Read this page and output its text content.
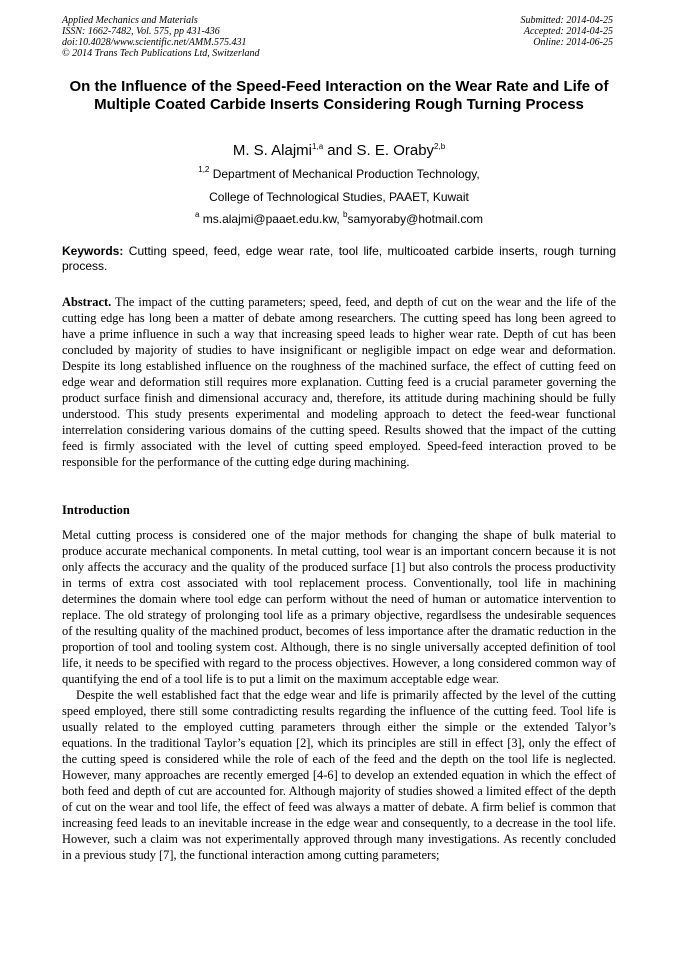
Applied Mechanics and Materials
ISSN: 1662-7482, Vol. 575, pp 431-436
doi:10.4028/www.scientific.net/AMM.575.431
© 2014 Trans Tech Publications Ltd, Switzerland
Submitted: 2014-04-25
Accepted: 2014-04-25
Online: 2014-06-25
On the Influence of the Speed-Feed Interaction on the Wear Rate and Life of Multiple Coated Carbide Inserts Considering Rough Turning Process
M. S. Alajmi$^{1,a}$ and S. E. Oraby$^{2,b}$
$^{1,2}$ Department of Mechanical Production Technology,
College of Technological Studies, PAAET, Kuwait
$^a$ ms.alajmi@paaet.edu.kw, $^b$samyoraby@hotmail.com
Keywords: Cutting speed, feed, edge wear rate, tool life, multicoated carbide inserts, rough turning process.

Abstract. The impact of the cutting parameters; speed, feed, and depth of cut on the wear and the life of the cutting edge has long been a matter of debate among researchers. The cutting speed has long been agreed to have a prime influence in such a way that increasing speed leads to higher wear rate. Depth of cut has been concluded by majority of studies to have insignificant or negligible impact on edge wear and deformation. Despite its long established influence on the roughness of the machined surface, the effect of cutting feed on edge wear and deformation still requires more explanation. Cutting feed is a crucial parameter governing the product surface finish and dimensional accuracy and, therefore, its attitude during machining should be fully understood. This study presents experimental and modeling approach to detect the feed-wear functional interrelation considering various domains of the cutting speed. Results showed that the impact of the cutting feed is firmly associated with the level of cutting speed employed. Speed-feed interaction proved to be responsible for the performance of the cutting edge during machining.

Introduction

Metal cutting process is considered one of the major methods for changing the shape of bulk material to produce accurate mechanical components. In metal cutting, tool wear is an important concern because it is not only affects the accuracy and the quality of the produced surface [1] but also controls the process productivity in terms of extra cost associated with tool replacement process. Conventionally, tool life in machining determines the domain where tool edge can perform without the need of human or automatice intervention to replace. The old strategy of prolonging tool life as a primary objective, regardlsess the undesirable sequences of the resulting quality of the machined product, becomes of less importance after the dramatic reduction in the proportion of tool and tooling system cost. Although, there is no single universally accepted definition of tool life, it needs to be specified with regard to the process objectives. However, a long considered common way of quantifying the end of a tool life is to put a limit on the maximum acceptable edge wear.

Despite the well established fact that the edge wear and life is primarily affected by the level of the cutting speed employed, there still some contradicting results regarding the influence of the cutting feed. Tool life is usually related to the employed cutting parameters through either the simple or the extended Talyor’s equations. In the traditional Taylor’s equation [2], which its principles are still in effect [3], only the effect of the cutting speed is considered while the role of each of the feed and the depth on the tool life is neglected. However, many approaches are recently emerged [4-6] to develop an extended equation in which the effect of both feed and depth of cut are accounted for. Although majority of studies showed a limited effect of the depth of cut on the wear and tool life, the effect of feed was always a matter of debate. A firm belief is common that increasing feed leads to an inevitable increase in the edge wear and consequently, to a decrease in the tool life. However, such a claim was not experimentally approved through many investigations. As recently concluded in a previous study [7], the functional interaction among cutting parameters;
